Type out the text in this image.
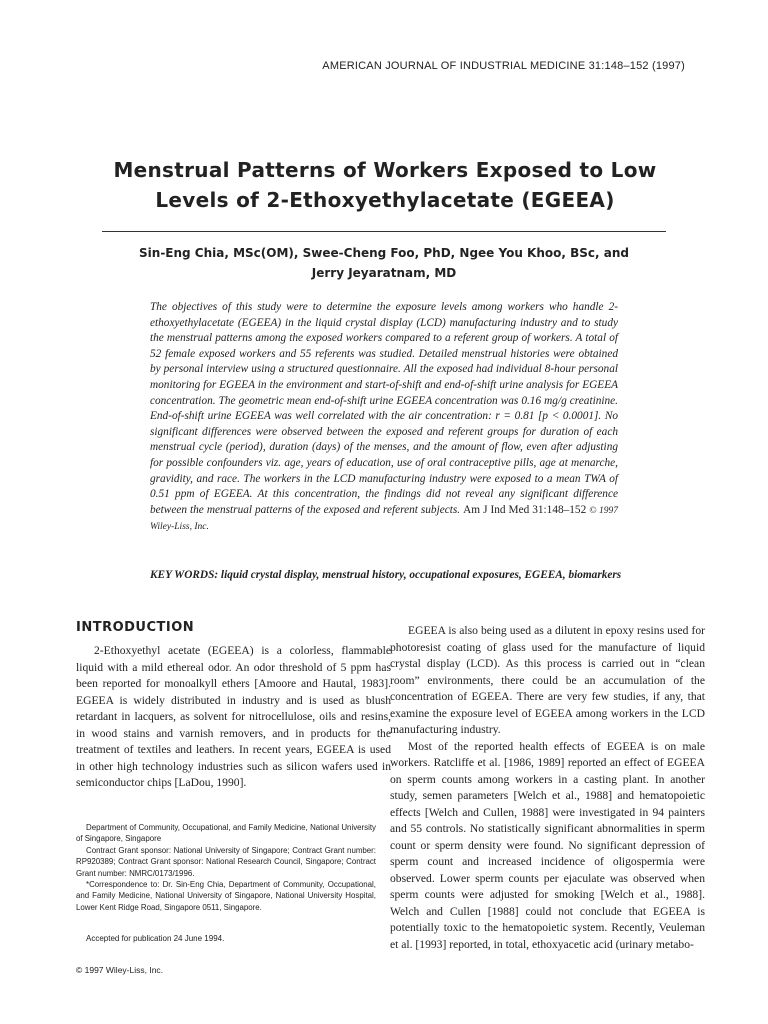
AMERICAN JOURNAL OF INDUSTRIAL MEDICINE 31:148–152 (1997)
Menstrual Patterns of Workers Exposed to Low
Levels of 2-Ethoxyethylacetate (EGEEA)
Sin-Eng Chia, MSc(OM), Swee-Cheng Foo, PhD, Ngee You Khoo, BSc, and
Jerry Jeyaratnam, MD
The objectives of this study were to determine the exposure levels among workers who handle 2-ethoxyethylacetate (EGEEA) in the liquid crystal display (LCD) manufacturing industry and to study the menstrual patterns among the exposed workers compared to a referent group of workers. A total of 52 female exposed workers and 55 referents was studied. Detailed menstrual histories were obtained by personal interview using a structured questionnaire. All the exposed had individual 8-hour personal monitoring for EGEEA in the environment and start-of-shift and end-of-shift urine analysis for EGEEA concentration. The geometric mean end-of-shift urine EGEEA concentration was 0.16 mg/g creatinine. End-of-shift urine EGEEA was well correlated with the air concentration: r = 0.81 [p < 0.0001]. No significant differences were observed between the exposed and referent groups for duration of each menstrual cycle (period), duration (days) of the menses, and the amount of flow, even after adjusting for possible confounders viz. age, years of education, use of oral contraceptive pills, age at menarche, gravidity, and race. The workers in the LCD manufacturing industry were exposed to a mean TWA of 0.51 ppm of EGEEA. At this concentration, the findings did not reveal any significant difference between the menstrual patterns of the exposed and referent subjects. Am J Ind Med 31:148–152 © 1997 Wiley-Liss, Inc.
KEY WORDS: liquid crystal display, menstrual history, occupational exposures, EGEEA, biomarkers
INTRODUCTION

2-Ethoxyethyl acetate (EGEEA) is a colorless, flammable liquid with a mild ethereal odor. An odor threshold of 5 ppm has been reported for monoalkyll ethers [Amoore and Hautal, 1983]. EGEEA is widely distributed in industry and is used as blush retardant in lacquers, as solvent for nitrocellulose, oils and resins, in wood stains and varnish removers, and in products for the treatment of textiles and leathers. In recent years, EGEEA is used in other high technology industries such as silicon wafers used in semiconductor chips [LaDou, 1990].

Department of Community, Occupational, and Family Medicine, National University of Singapore, Singapore

Contract Grant sponsor: National University of Singapore; Contract Grant number: RP920389; Contract Grant sponsor: National Research Council, Singapore; Contract Grant number: NMRC/0173/1996.

*Correspondence to: Dr. Sin-Eng Chia, Department of Community, Occupational, and Family Medicine, National University of Singapore, National University Hospital, Lower Kent Ridge Road, Singapore 0511, Singapore.

Accepted for publication 24 June 1994.
© 1997 Wiley-Liss, Inc.

EGEEA is also being used as a dilutent in epoxy resins used for photoresist coating of glass used for the manufacture of liquid crystal display (LCD). As this process is carried out in “clean room” environments, there could be an accumulation of the concentration of EGEEA. There are very few studies, if any, that examine the exposure level of EGEEA among workers in the LCD manufacturing industry.

Most of the reported health effects of EGEEA is on male workers. Ratcliffe et al. [1986, 1989] reported an effect of EGEEA on sperm counts among workers in a casting plant. In another study, semen parameters [Welch et al., 1988] and hematopoietic effects [Welch and Cullen, 1988] were investigated in 94 painters and 55 controls. No statistically significant abnormalities in sperm count or sperm density were found. No significant depression of sperm count and increased incidence of oligospermia were observed. Lower sperm counts per ejaculate was observed when sperm counts were adjusted for smoking [Welch et al., 1988]. Welch and Cullen [1988] could not conclude that EGEEA is potentially toxic to the hematopoietic system. Recently, Veuleman et al. [1993] reported, in total, ethoxyacetic acid (urinary metabo-
